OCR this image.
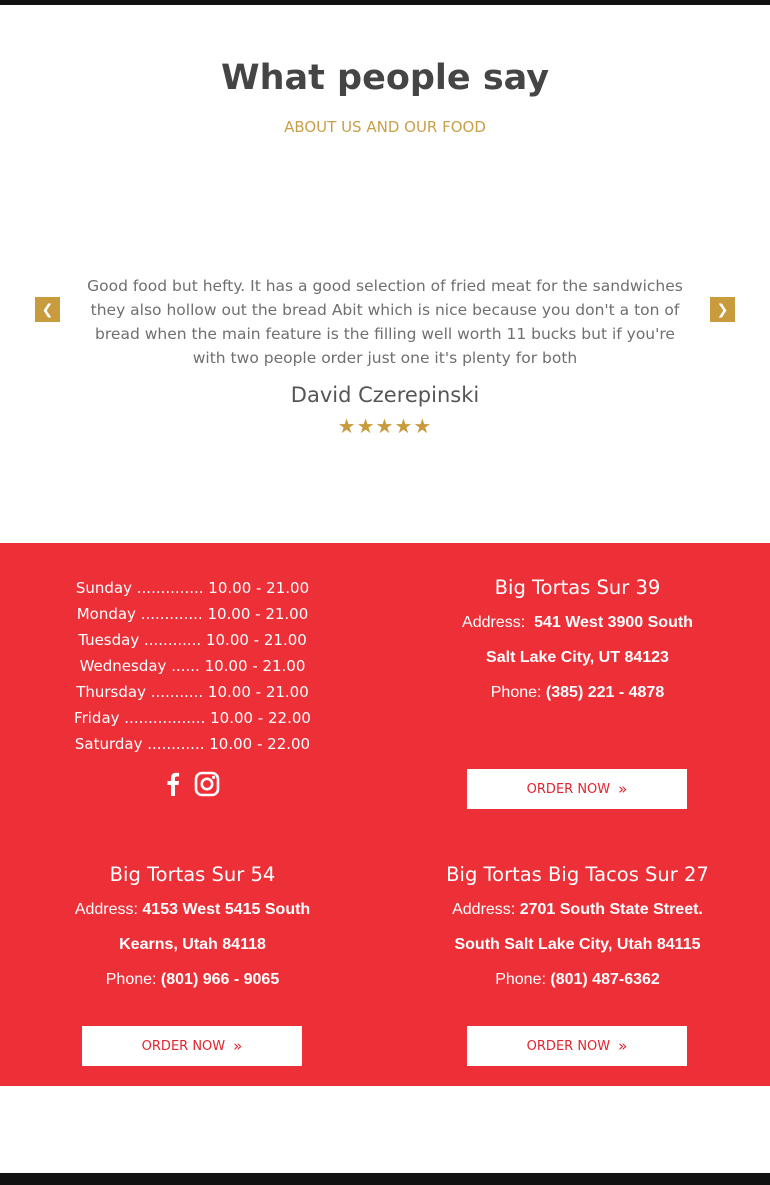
What people say
ABOUT US AND OUR FOOD
❮	❯
Good food but hefty. It has a good selection of fried meat for the sandwiches they also hollow out the bread Abit which is nice because you don't a ton of bread when the main feature is the filling well worth 11 bucks but if you're with two people order just one it's plenty for both
David Czerepinski
★★★★★
Sunday .............. 10.00 - 21.00
Monday ............. 10.00 - 21.00
Tuesday ............ 10.00 - 21.00
Wednesday ...... 10.00 - 21.00
Thursday ........... 10.00 - 21.00
Friday ................. 10.00 - 22.00
Saturday ............ 10.00 - 22.00
Big Tortas Sur 39
Address: 541 West 3900 South
Salt Lake City, UT 84123
Phone: (385) 221 - 4878
ORDER NOW »
Big Tortas Sur 54
Address: 4153 West 5415 South
Kearns, Utah 84118
Phone: (801) 966 - 9065
ORDER NOW »
Big Tortas Big Tacos Sur 27
Address: 2701 South State Street.
South Salt Lake City, Utah 84115
Phone: (801) 487-6362
ORDER NOW »
